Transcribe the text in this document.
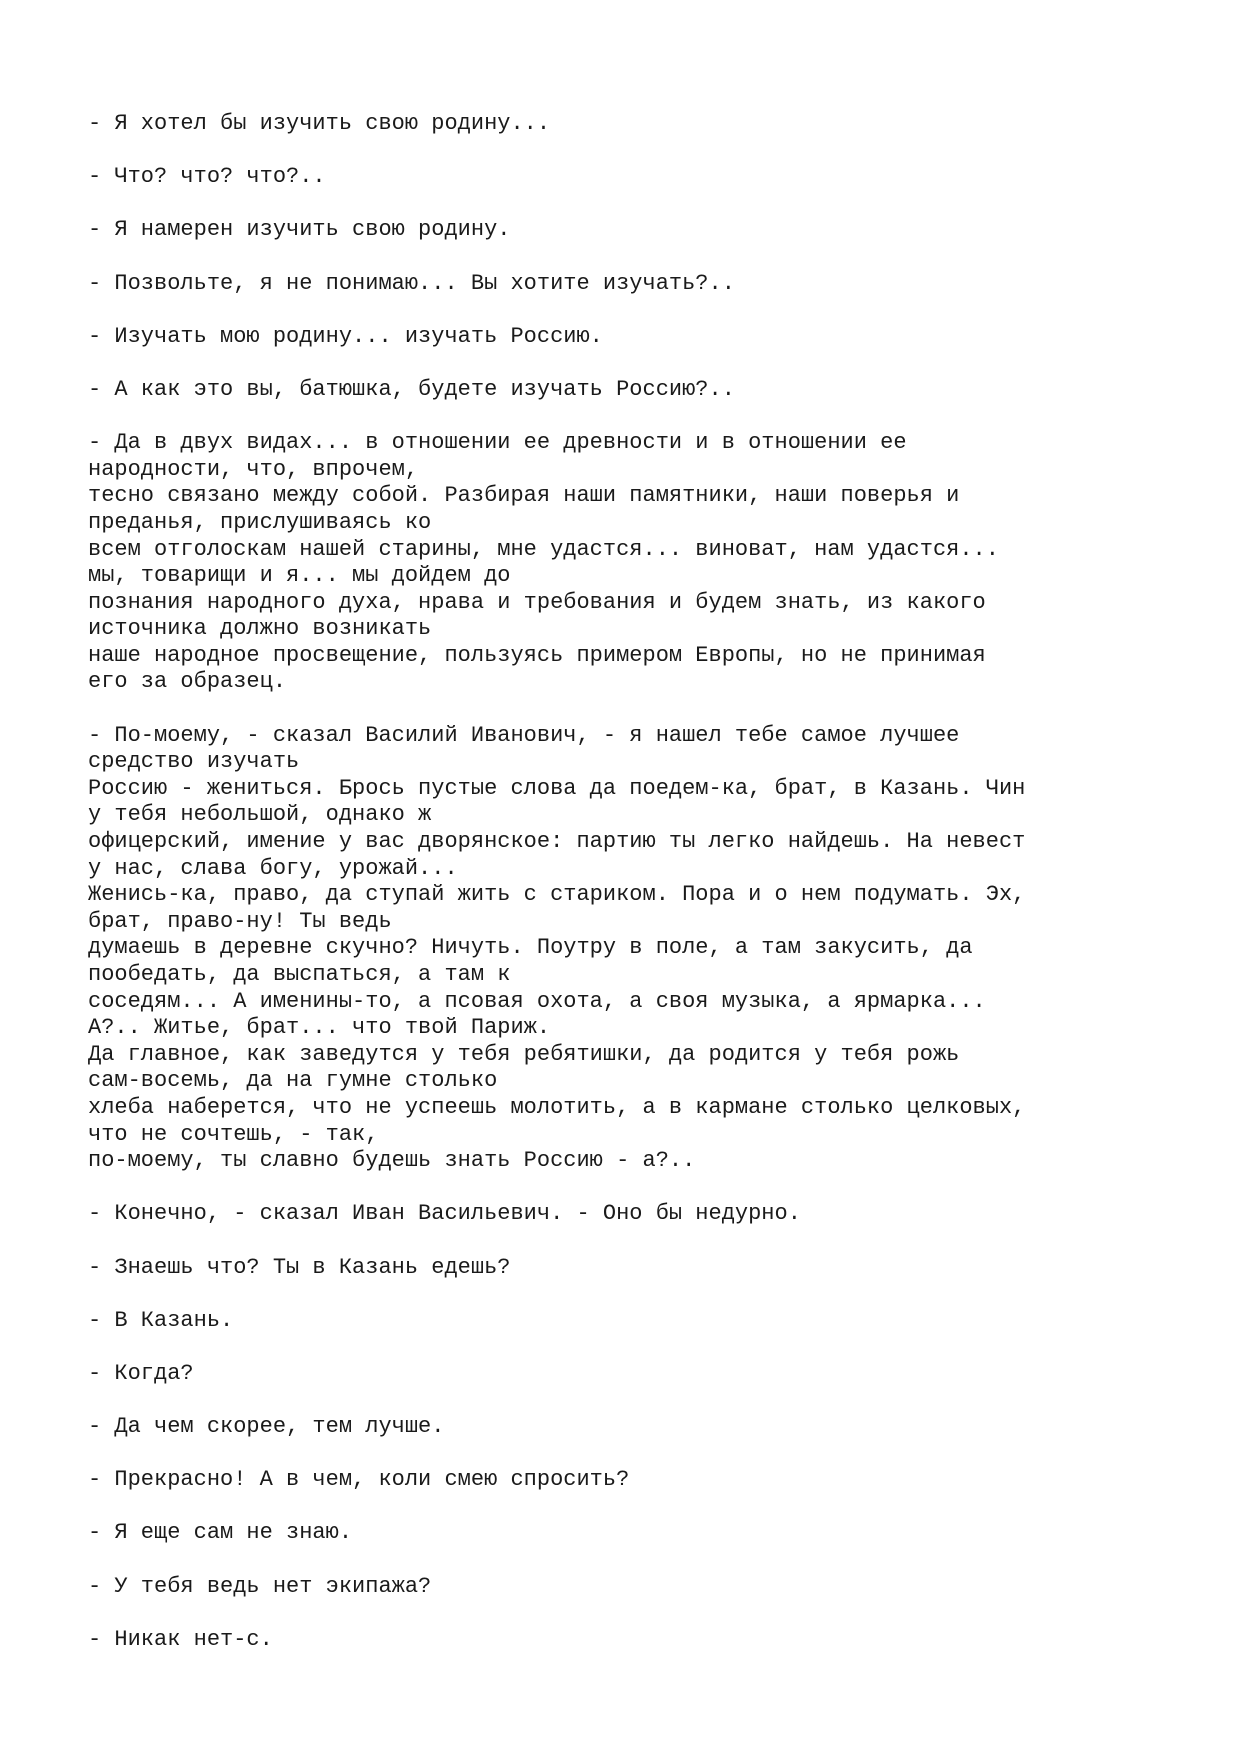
- Я хотел бы изучить свою родину...
- Что? что? что?..
- Я намерен изучить свою родину.
- Позвольте, я не понимаю... Вы хотите изучать?..
- Изучать мою родину... изучать Россию.
- А как это вы, батюшка, будете изучать Россию?..
- Да в двух видах... в отношении ее древности и в отношении ее
народности, что, впрочем,
тесно связано между собой. Разбирая наши памятники, наши поверья и
преданья, прислушиваясь ко
всем отголоскам нашей старины, мне удастся... виноват, нам удастся...
мы, товарищи и я... мы дойдем до
познания народного духа, нрава и требования и будем знать, из какого
источника должно возникать
наше народное просвещение, пользуясь примером Европы, но не принимая
его за образец.
- По-моему, - сказал Василий Иванович, - я нашел тебе самое лучшее
средство изучать
Россию - жениться. Брось пустые слова да поедем-ка, брат, в Казань. Чин
у тебя небольшой, однако ж
офицерский, имение у вас дворянское: партию ты легко найдешь. На невест
у нас, слава богу, урожай...
Женись-ка, право, да ступай жить с стариком. Пора и о нем подумать. Эх,
брат, право-ну! Ты ведь
думаешь в деревне скучно? Ничуть. Поутру в поле, а там закусить, да
пообедать, да выспаться, а там к
соседям... А именины-то, а псовая охота, а своя музыка, а ярмарка...
А?.. Житье, брат... что твой Париж.
Да главное, как заведутся у тебя ребятишки, да родится у тебя рожь
сам-восемь, да на гумне столько
хлеба наберется, что не успеешь молотить, а в кармане столько целковых,
что не сочтешь, - так,
по-моему, ты славно будешь знать Россию - а?..
- Конечно, - сказал Иван Васильевич. - Оно бы недурно.
- Знаешь что? Ты в Казань едешь?
- В Казань.
- Когда?
- Да чем скорее, тем лучше.
- Прекрасно! А в чем, коли смею спросить?
- Я еще сам не знаю.
- У тебя ведь нет экипажа?
- Никак нет-с.
